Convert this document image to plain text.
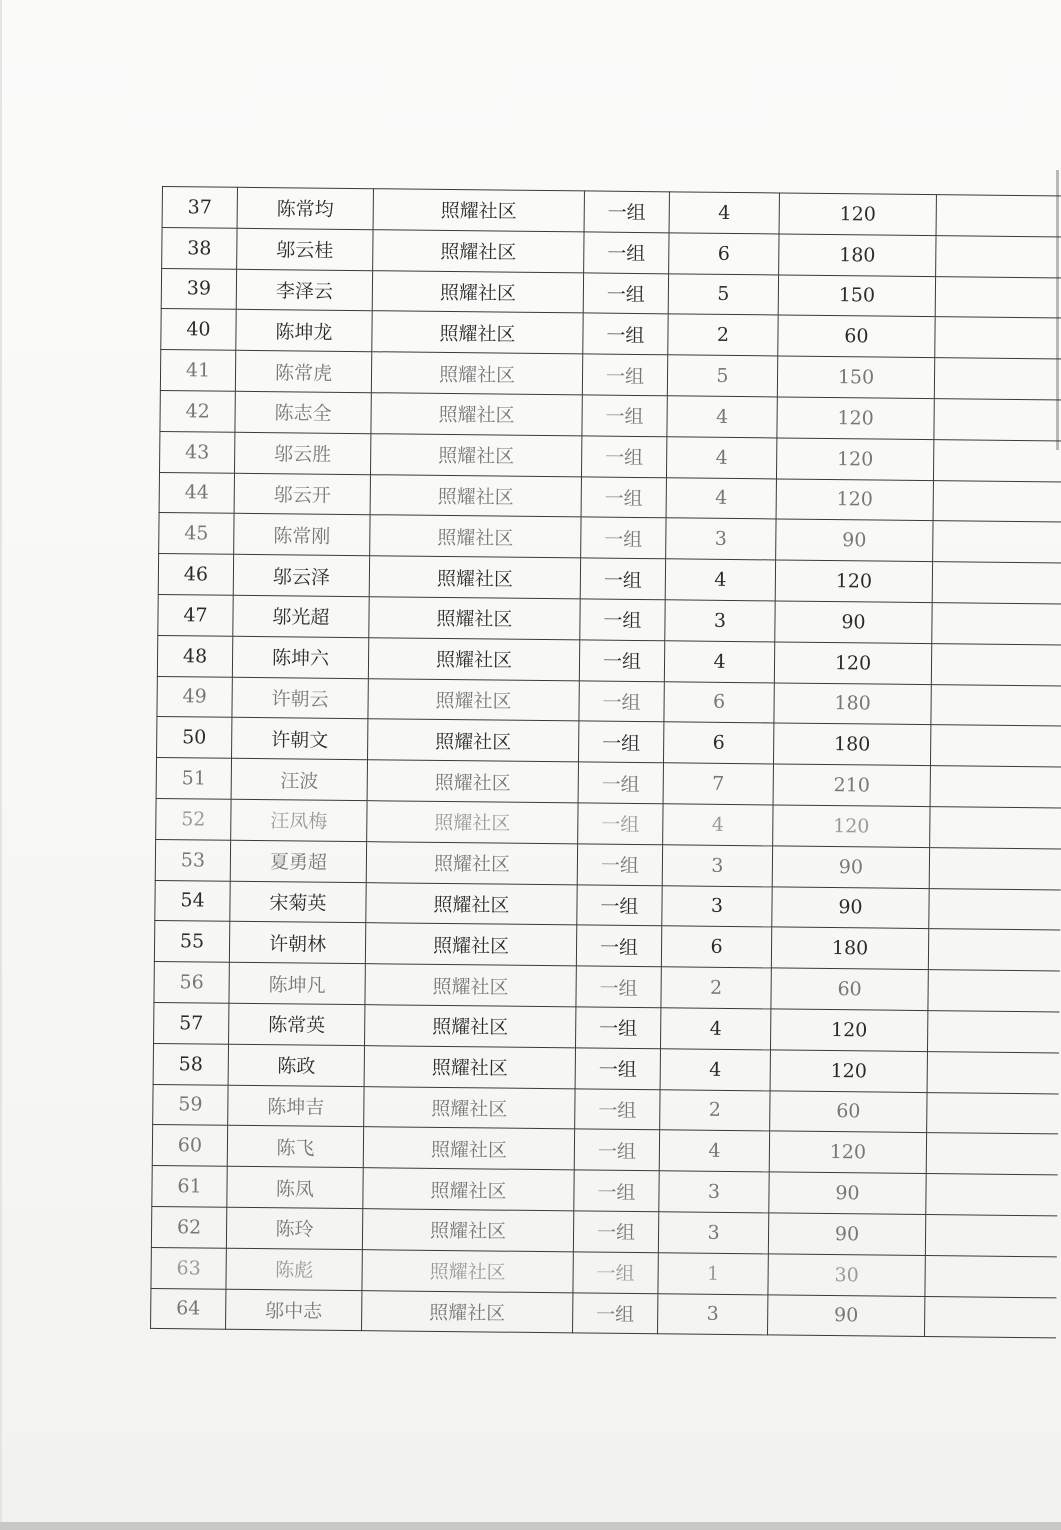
37	陈常均	照耀社区	一组	4	120	
38	邬云桂	照耀社区	一组	6	180	
39	李泽云	照耀社区	一组	5	150	
40	陈坤龙	照耀社区	一组	2	60	
41	陈常虎	照耀社区	一组	5	150	
42	陈志全	照耀社区	一组	4	120	
43	邬云胜	照耀社区	一组	4	120	
44	邬云开	照耀社区	一组	4	120	
45	陈常刚	照耀社区	一组	3	90	
46	邬云泽	照耀社区	一组	4	120	
47	邬光超	照耀社区	一组	3	90	
48	陈坤六	照耀社区	一组	4	120	
49	许朝云	照耀社区	一组	6	180	
50	许朝文	照耀社区	一组	6	180	
51	汪波	照耀社区	一组	7	210	
52	汪凤梅	照耀社区	一组	4	120	
53	夏勇超	照耀社区	一组	3	90	
54	宋菊英	照耀社区	一组	3	90	
55	许朝林	照耀社区	一组	6	180	
56	陈坤凡	照耀社区	一组	2	60	
57	陈常英	照耀社区	一组	4	120	
58	陈政	照耀社区	一组	4	120	
59	陈坤吉	照耀社区	一组	2	60	
60	陈飞	照耀社区	一组	4	120	
61	陈凤	照耀社区	一组	3	90	
62	陈玲	照耀社区	一组	3	90	
63	陈彪	照耀社区	一组	1	30	
64	邬中志	照耀社区	一组	3	90	
